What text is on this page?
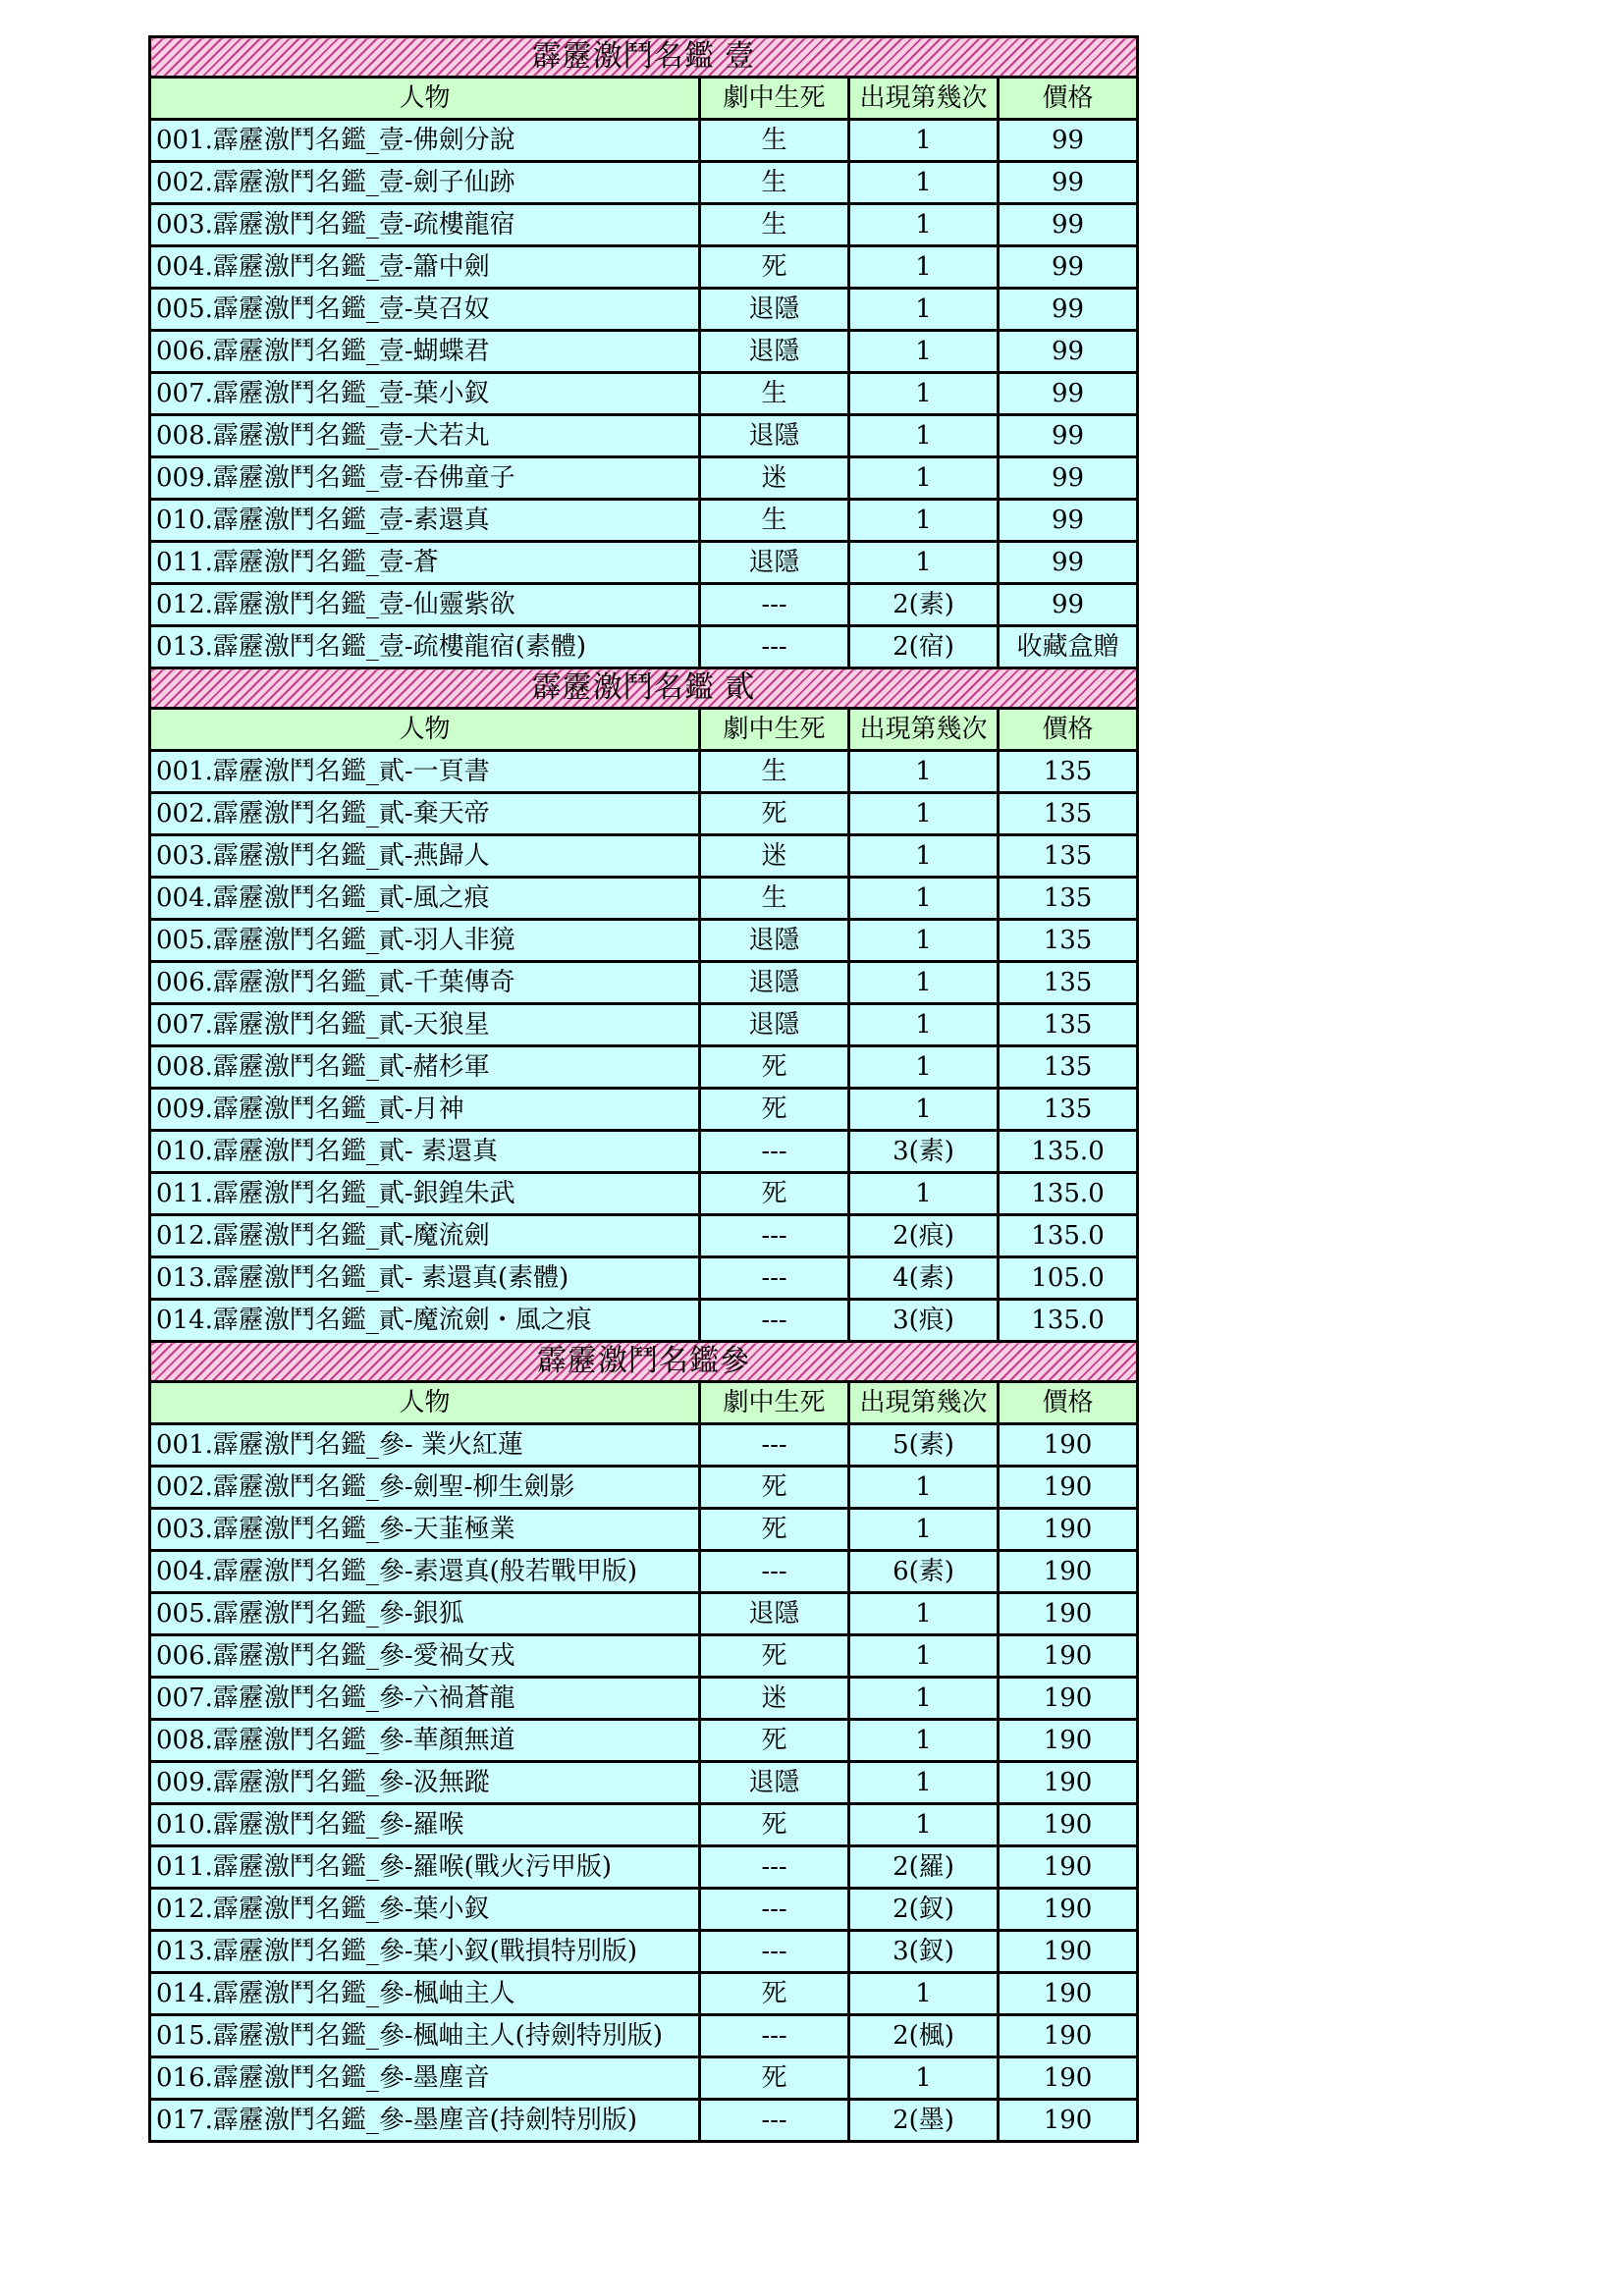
霹靂激鬥名鑑 壹			
人物	劇中生死	出現第幾次	價格
001.霹靂激鬥名鑑_壹-佛劍分說	生	1	99
002.霹靂激鬥名鑑_壹-劍子仙跡	生	1	99
003.霹靂激鬥名鑑_壹-疏樓龍宿	生	1	99
004.霹靂激鬥名鑑_壹-簫中劍	死	1	99
005.霹靂激鬥名鑑_壹-莫召奴	退隱	1	99
006.霹靂激鬥名鑑_壹-蝴蝶君	退隱	1	99
007.霹靂激鬥名鑑_壹-葉小釵	生	1	99
008.霹靂激鬥名鑑_壹-犬若丸	退隱	1	99
009.霹靂激鬥名鑑_壹-吞佛童子	迷	1	99
010.霹靂激鬥名鑑_壹-素還真	生	1	99
011.霹靂激鬥名鑑_壹-蒼	退隱	1	99
012.霹靂激鬥名鑑_壹-仙靈紫欲	---	2(素)	99
013.霹靂激鬥名鑑_壹-疏樓龍宿(素體)	---	2(宿)	收藏盒贈
霹靂激鬥名鑑 貳			
人物	劇中生死	出現第幾次	價格
001.霹靂激鬥名鑑_貳-一頁書	生	1	135
002.霹靂激鬥名鑑_貳-棄天帝	死	1	135
003.霹靂激鬥名鑑_貳-燕歸人	迷	1	135
004.霹靂激鬥名鑑_貳-風之痕	生	1	135
005.霹靂激鬥名鑑_貳-羽人非獍	退隱	1	135
006.霹靂激鬥名鑑_貳-千葉傳奇	退隱	1	135
007.霹靂激鬥名鑑_貳-天狼星	退隱	1	135
008.霹靂激鬥名鑑_貳-赭杉軍	死	1	135
009.霹靂激鬥名鑑_貳-月神	死	1	135
010.霹靂激鬥名鑑_貳- 素還真	---	3(素)	135.0
011.霹靂激鬥名鑑_貳-銀鍠朱武	死	1	135.0
012.霹靂激鬥名鑑_貳-魔流劍	---	2(痕)	135.0
013.霹靂激鬥名鑑_貳- 素還真(素體)	---	4(素)	105.0
014.霹靂激鬥名鑑_貳-魔流劍・風之痕	---	3(痕)	135.0
霹靂激鬥名鑑參			
人物	劇中生死	出現第幾次	價格
001.霹靂激鬥名鑑_參- 業火紅蓮	---	5(素)	190
002.霹靂激鬥名鑑_參-劍聖-柳生劍影	死	1	190
003.霹靂激鬥名鑑_參-天韮極業	死	1	190
004.霹靂激鬥名鑑_參-素還真(般若戰甲版)	---	6(素)	190
005.霹靂激鬥名鑑_參-銀狐	退隱	1	190
006.霹靂激鬥名鑑_參-愛禍女戎	死	1	190
007.霹靂激鬥名鑑_參-六禍蒼龍	迷	1	190
008.霹靂激鬥名鑑_參-華顏無道	死	1	190
009.霹靂激鬥名鑑_參-汲無蹤	退隱	1	190
010.霹靂激鬥名鑑_參-羅喉	死	1	190
011.霹靂激鬥名鑑_參-羅喉(戰火污甲版)	---	2(羅)	190
012.霹靂激鬥名鑑_參-葉小釵	---	2(釵)	190
013.霹靂激鬥名鑑_參-葉小釵(戰損特別版)	---	3(釵)	190
014.霹靂激鬥名鑑_參-楓岫主人	死	1	190
015.霹靂激鬥名鑑_參-楓岫主人(持劍特別版)	---	2(楓)	190
016.霹靂激鬥名鑑_參-墨塵音	死	1	190
017.霹靂激鬥名鑑_參-墨塵音(持劍特別版)	---	2(墨)	190
